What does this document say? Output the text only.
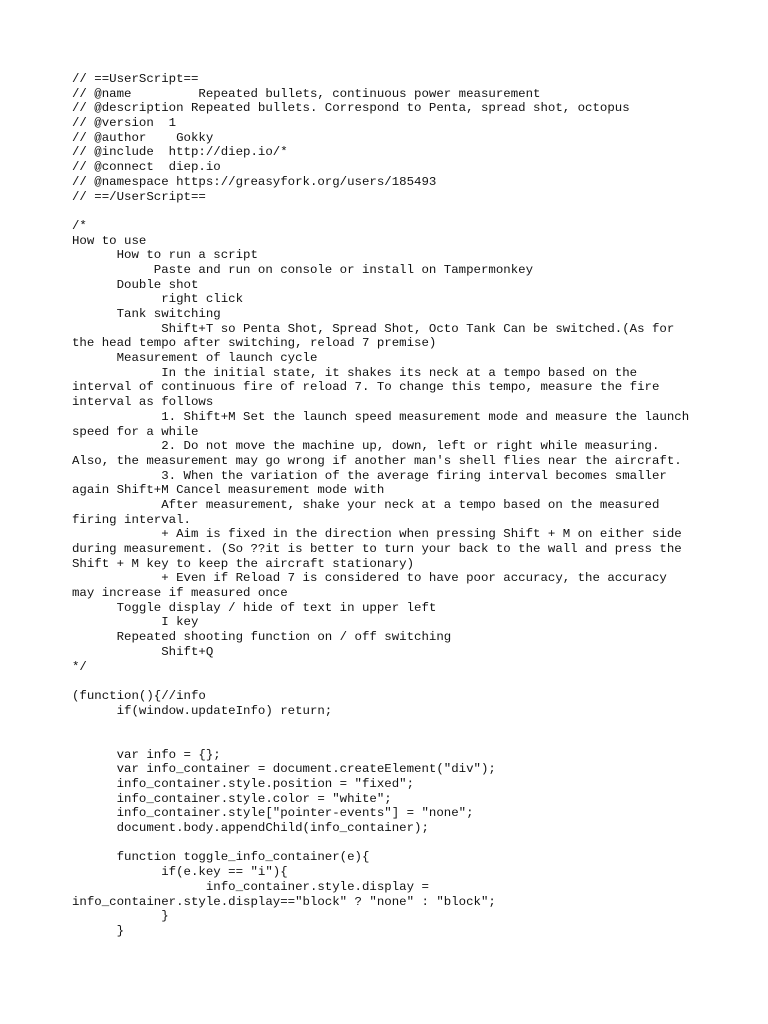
// ==UserScript==
// @name         Repeated bullets, continuous power measurement
// @description Repeated bullets. Correspond to Penta, spread shot, octopus
// @version  1
// @author    Gokky
// @include  http://diep.io/*
// @connect  diep.io
// @namespace https://greasyfork.org/users/185493
// ==/UserScript==

/*
How to use
How to run a script
Paste and run on console or install on Tampermonkey
Double shot
right click
Tank switching
Shift+T so Penta Shot, Spread Shot, Octo Tank Can be switched.(As for
the head tempo after switching, reload 7 premise)
Measurement of launch cycle
In the initial state, it shakes its neck at a tempo based on the
interval of continuous fire of reload 7. To change this tempo, measure the fire
interval as follows
1. Shift+M Set the launch speed measurement mode and measure the launch
speed for a while
2. Do not move the machine up, down, left or right while measuring.
Also, the measurement may go wrong if another man's shell flies near the aircraft.
3. When the variation of the average firing interval becomes smaller
again Shift+M Cancel measurement mode with
After measurement, shake your neck at a tempo based on the measured
firing interval.
+ Aim is fixed in the direction when pressing Shift + M on either side
during measurement. (So ??it is better to turn your back to the wall and press the
Shift + M key to keep the aircraft stationary)
+ Even if Reload 7 is considered to have poor accuracy, the accuracy
may increase if measured once
Toggle display / hide of text in upper left
I key
Repeated shooting function on / off switching
Shift+Q
*/

(function(){//info
if(window.updateInfo) return;

var info = {};
var info_container = document.createElement("div");
info_container.style.position = "fixed";
info_container.style.color = "white";
info_container.style["pointer-events"] = "none";
document.body.appendChild(info_container);

function toggle_info_container(e){
if(e.key == "i"){
info_container.style.display =
info_container.style.display=="block" ? "none" : "block";
}
}
